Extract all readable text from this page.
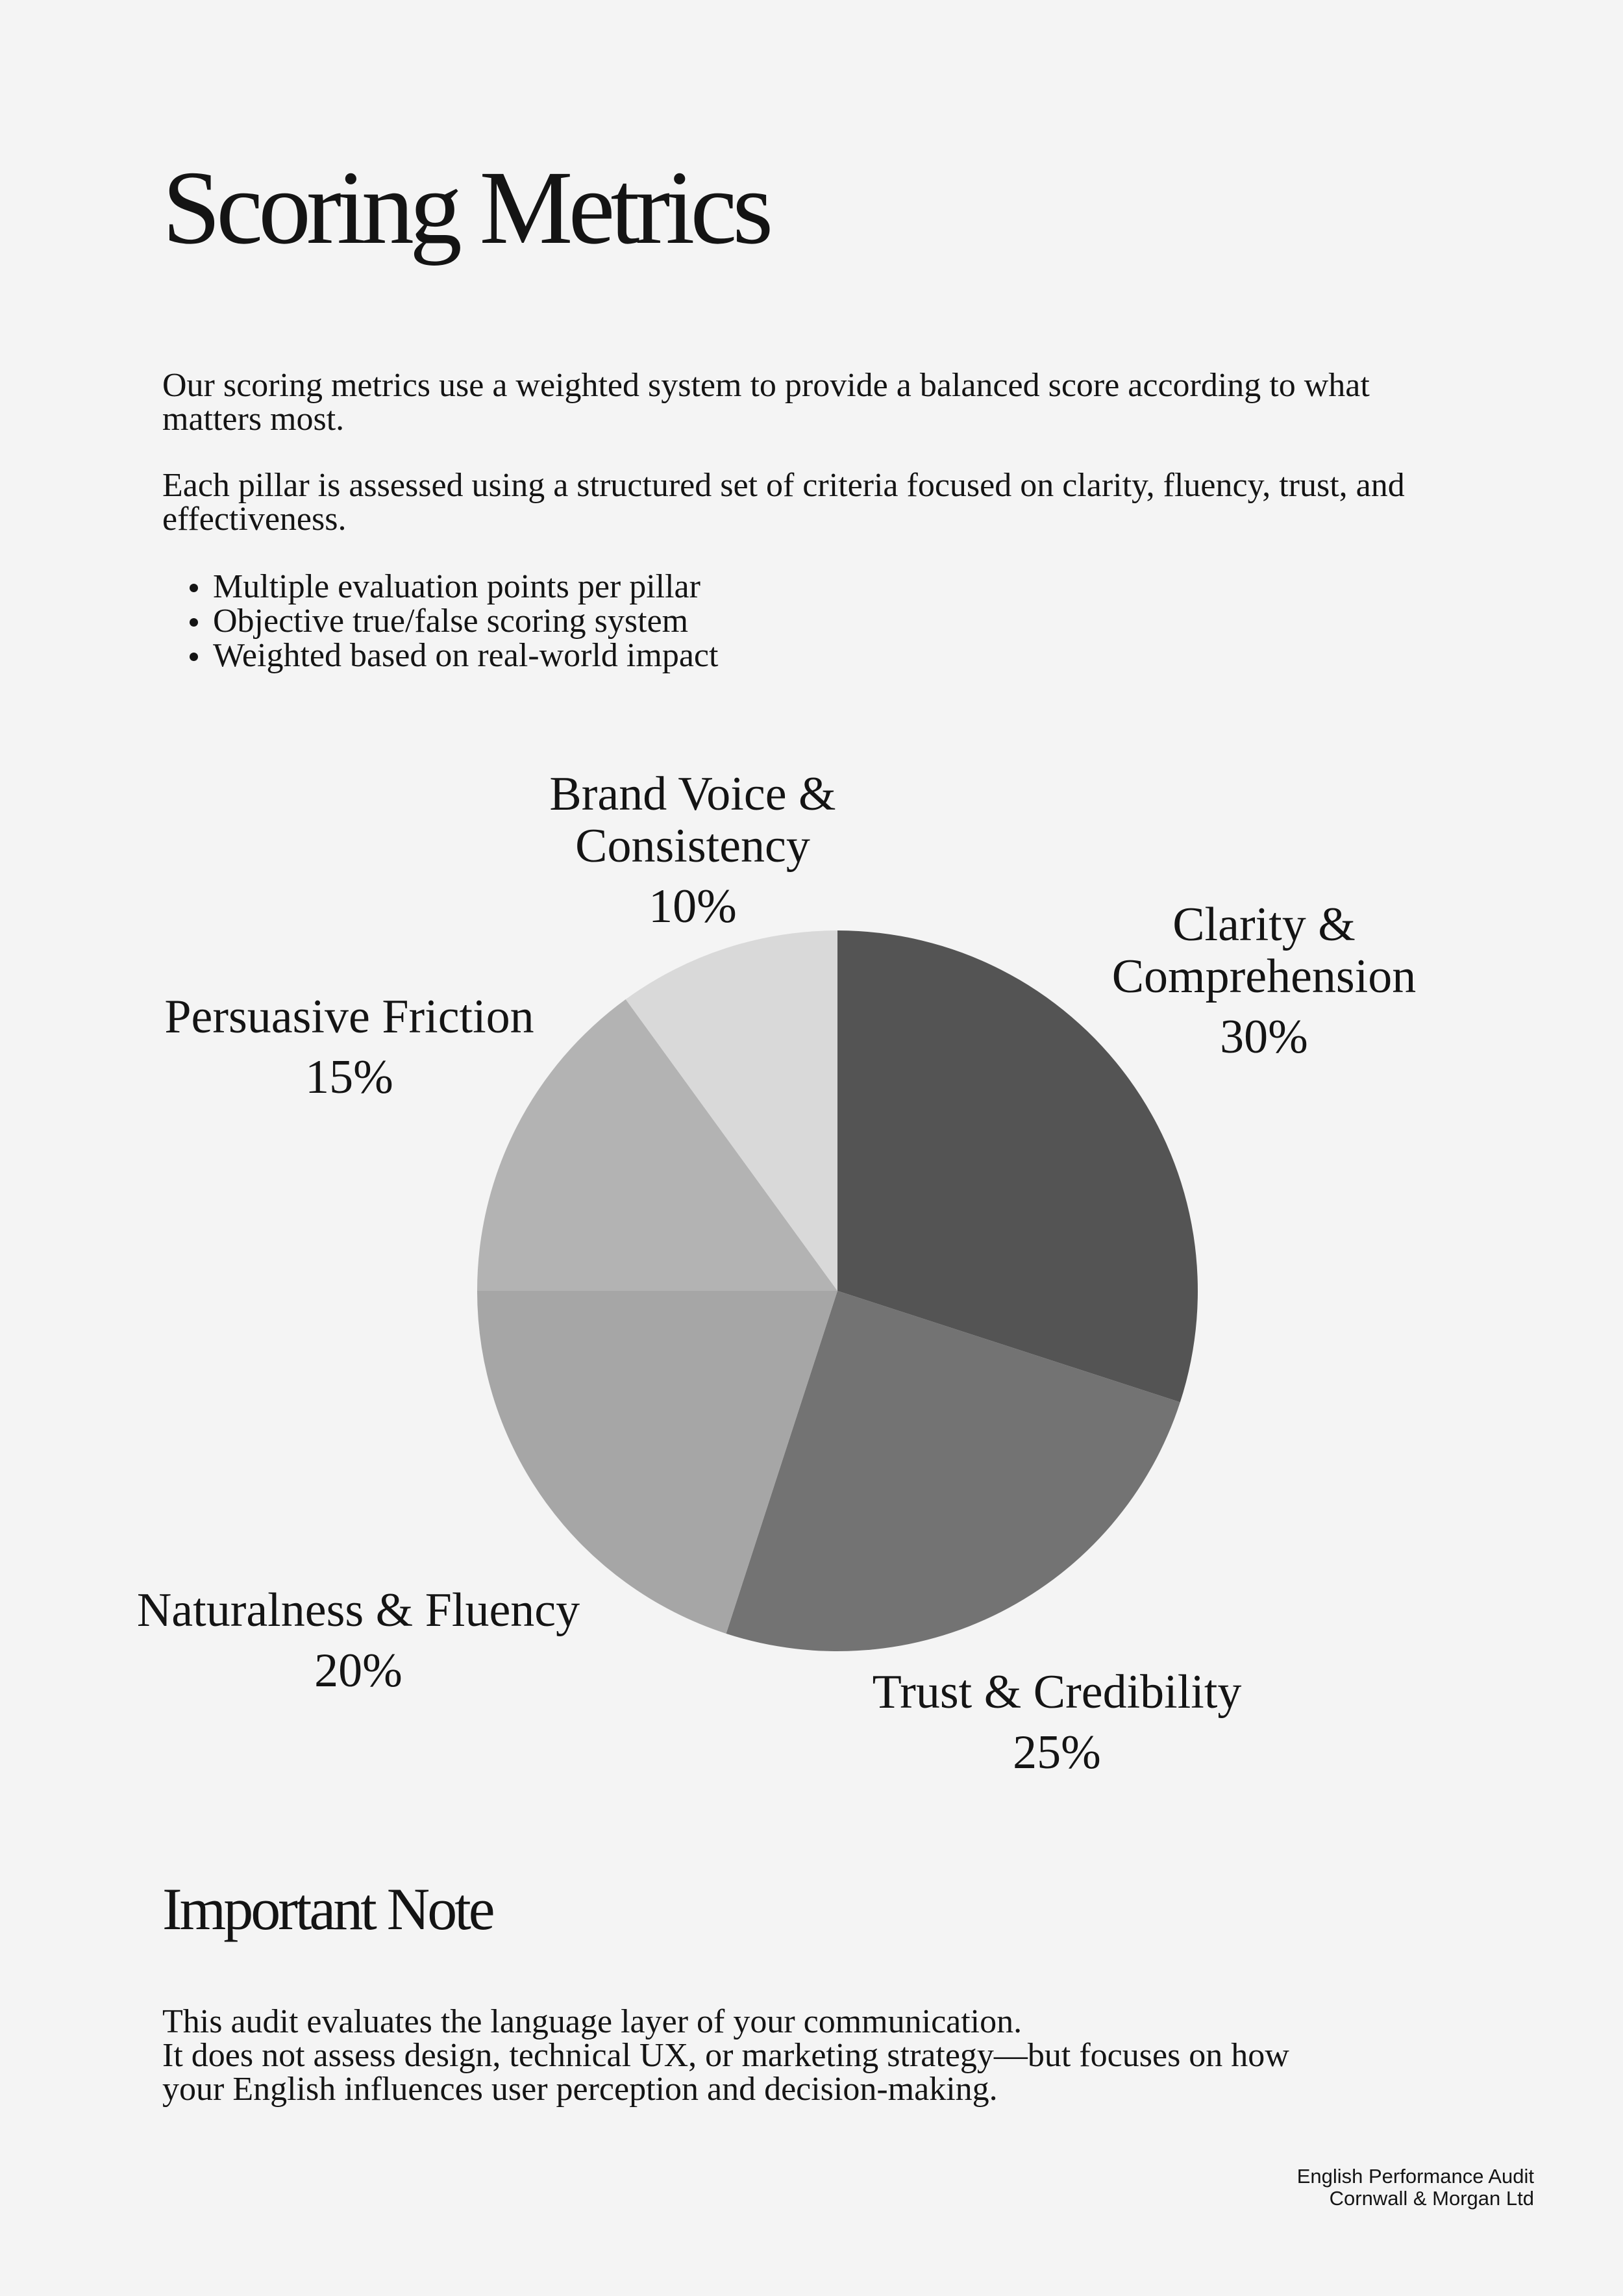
Scoring Metrics

Our scoring metrics use a weighted system to provide a balanced score according to what matters most.

Each pillar is assessed using a structured set of criteria focused on clarity, fluency, trust, and effectiveness.

Multiple evaluation points per pillar
Objective true/false scoring system
Weighted based on real-world impact
Clarity &
Comprehension
30%
Trust & Credibility
25%
Naturalness & Fluency
20%
Persuasive Friction
15%
Brand Voice &
Consistency
10%
Important Note

This audit evaluates the language layer of your communication.

It does not assess design, technical UX, or marketing strategy—but focuses on how

your English influences user perception and decision-making.

English Performance Audit
Cornwall & Morgan Ltd
